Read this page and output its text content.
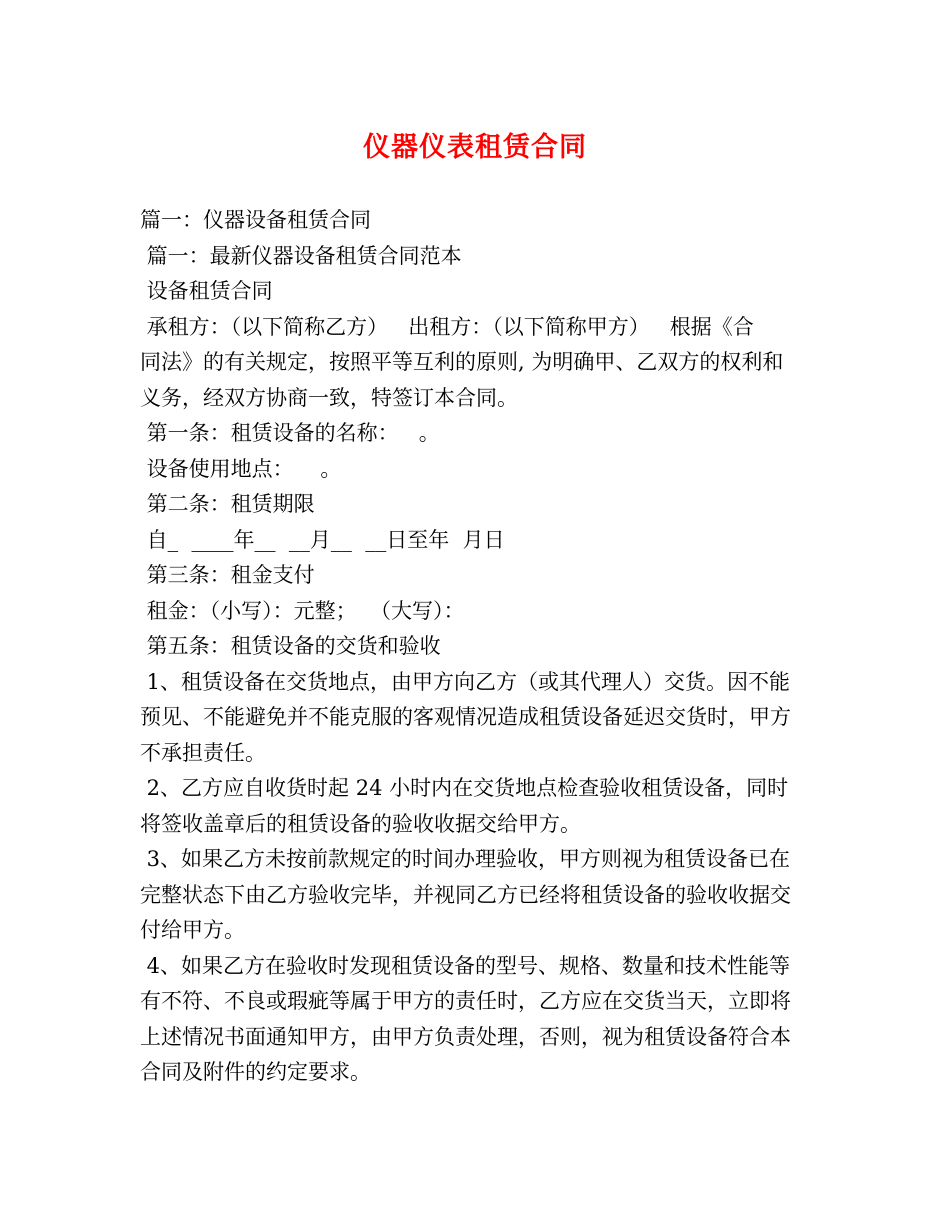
仪器仪表租赁合同
篇一：仪器设备租赁合同
篇一：最新仪器设备租赁合同范本
设备租赁合同
承租方：（以下简称乙方）   出租方：（以下简称甲方）   根据《合
同法》的有关规定，按照平等互利的原则, 为明确甲、乙双方的权利和
义务，经双方协商一致，特签订本合同。
第一条：租赁设备的名称：   。
设备使用地点：    。
第二条：租赁期限
自_  ____年__  __月__  __日至年  月日
第三条：租金支付
租金：（小写）：元整；  （大写）：
第五条：租赁设备的交货和验收
1、租赁设备在交货地点，由甲方向乙方（或其代理人）交货。因不能
预见、不能避免并不能克服的客观情况造成租赁设备延迟交货时，甲方
不承担责任。
2、乙方应自收货时起 24 小时内在交货地点检查验收租赁设备，同时
将签收盖章后的租赁设备的验收收据交给甲方。
3、如果乙方未按前款规定的时间办理验收，甲方则视为租赁设备已在
完整状态下由乙方验收完毕，并视同乙方已经将租赁设备的验收收据交
付给甲方。
4、如果乙方在验收时发现租赁设备的型号、规格、数量和技术性能等
有不符、不良或瑕疵等属于甲方的责任时，乙方应在交货当天，立即将
上述情况书面通知甲方，由甲方负责处理，否则，视为租赁设备符合本
合同及附件的约定要求。
